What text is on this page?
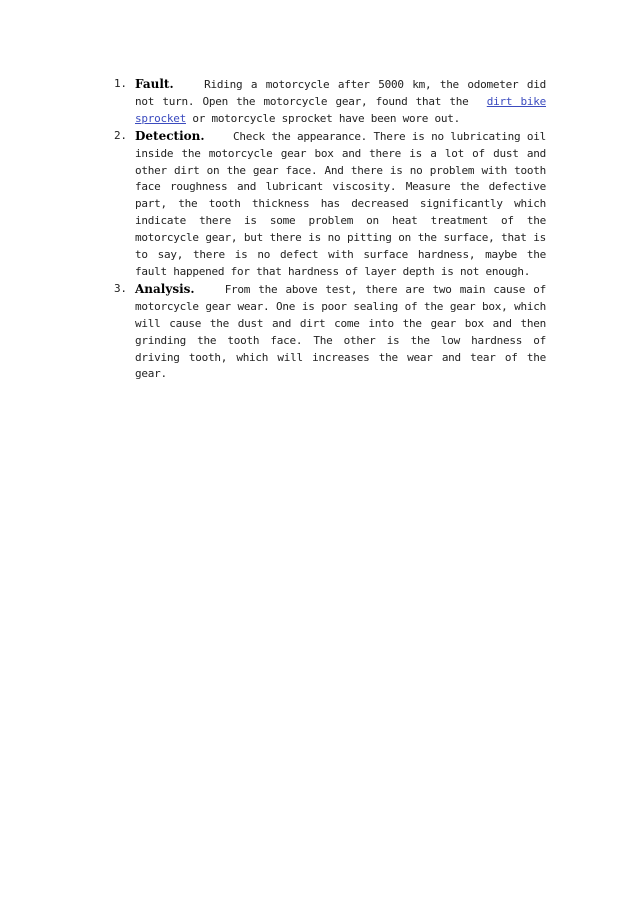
1. Fault.	Riding a motorcycle after 5000 km, the odometer did not turn. Open the motorcycle gear, found that the dirt bike sprocket or motorcycle sprocket have been wore out.
2. Detection.	Check the appearance. There is no lubricating oil inside the motorcycle gear box and there is a lot of dust and other dirt on the gear face. And there is no problem with tooth face roughness and lubricant viscosity. Measure the defective part, the tooth thickness has decreased significantly which indicate there is some problem on heat treatment of the motorcycle gear, but there is no pitting on the surface, that is to say, there is no defect with surface hardness, maybe the fault happened for that hardness of layer depth is not enough.
3. Analysis.	From the above test, there are two main cause of motorcycle gear wear. One is poor sealing of the gear box, which will cause the dust and dirt come into the gear box and then grinding the tooth face. The other is the low hardness of driving tooth, which will increases the wear and tear of the gear.
